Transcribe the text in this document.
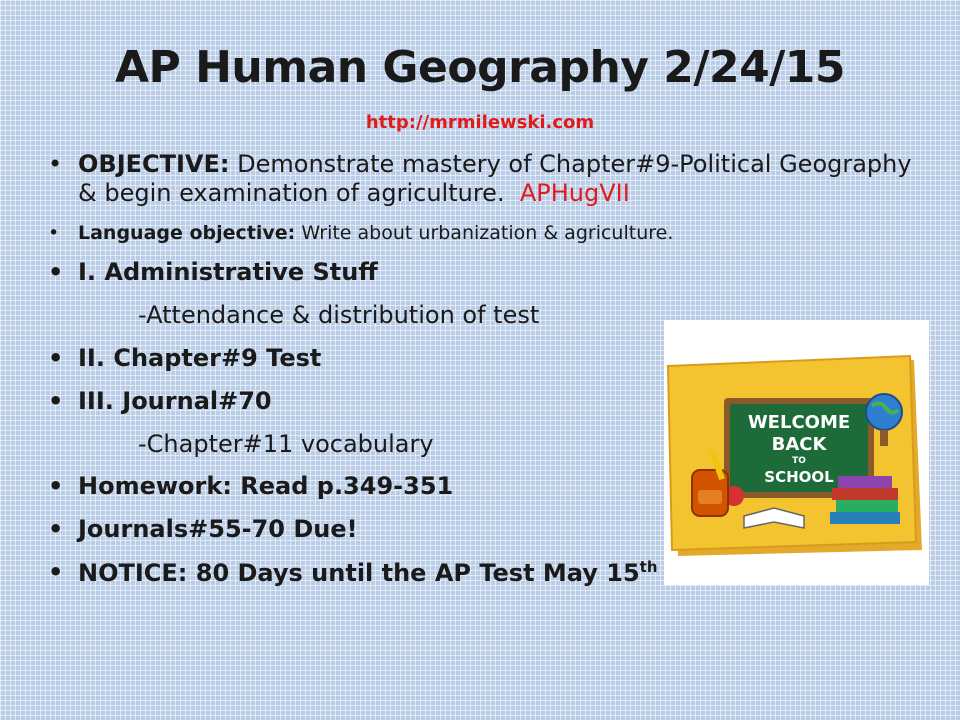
AP Human Geography 2/24/15
http://mrmilewski.com
• OBJECTIVE: Demonstrate mastery of Chapter#9-Political Geography & begin examination of agriculture. APHugVII
• Language objective: Write about urbanization & agriculture.
• I. Administrative Stuff
-Attendance & distribution of test
• II. Chapter#9 Test
• III. Journal#70
-Chapter#11 vocabulary
• Homework: Read p.349-351
• Journals#55-70 Due!
• NOTICE: 80 Days until the AP Test May 15th
WELCOME
BACK
TO
SCHOOL
